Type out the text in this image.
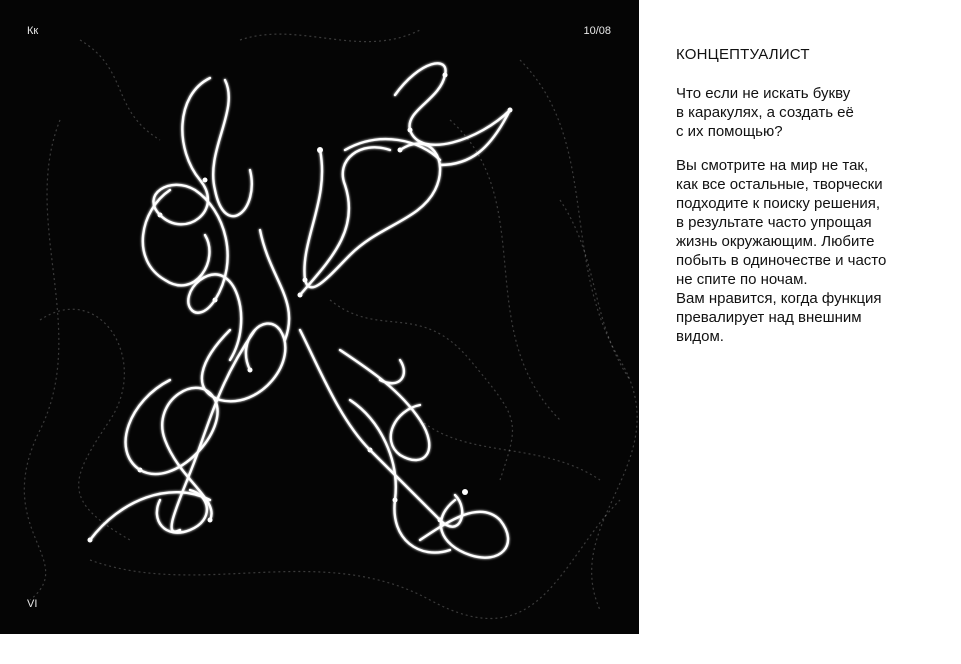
Кк	10/08
VI
КОНЦЕПТУАЛИСТ

Что если не искать букву
в каракулях, а создать её
с их помощью?

Вы смотрите на мир не так,
как все остальные, творчески
подходите к поиску решения,
в результате часто упрощая
жизнь окружающим. Любите
побыть в одиночестве и часто
не спите по ночам.
Вам нравится, когда функция
превалирует над внешним
видом.
